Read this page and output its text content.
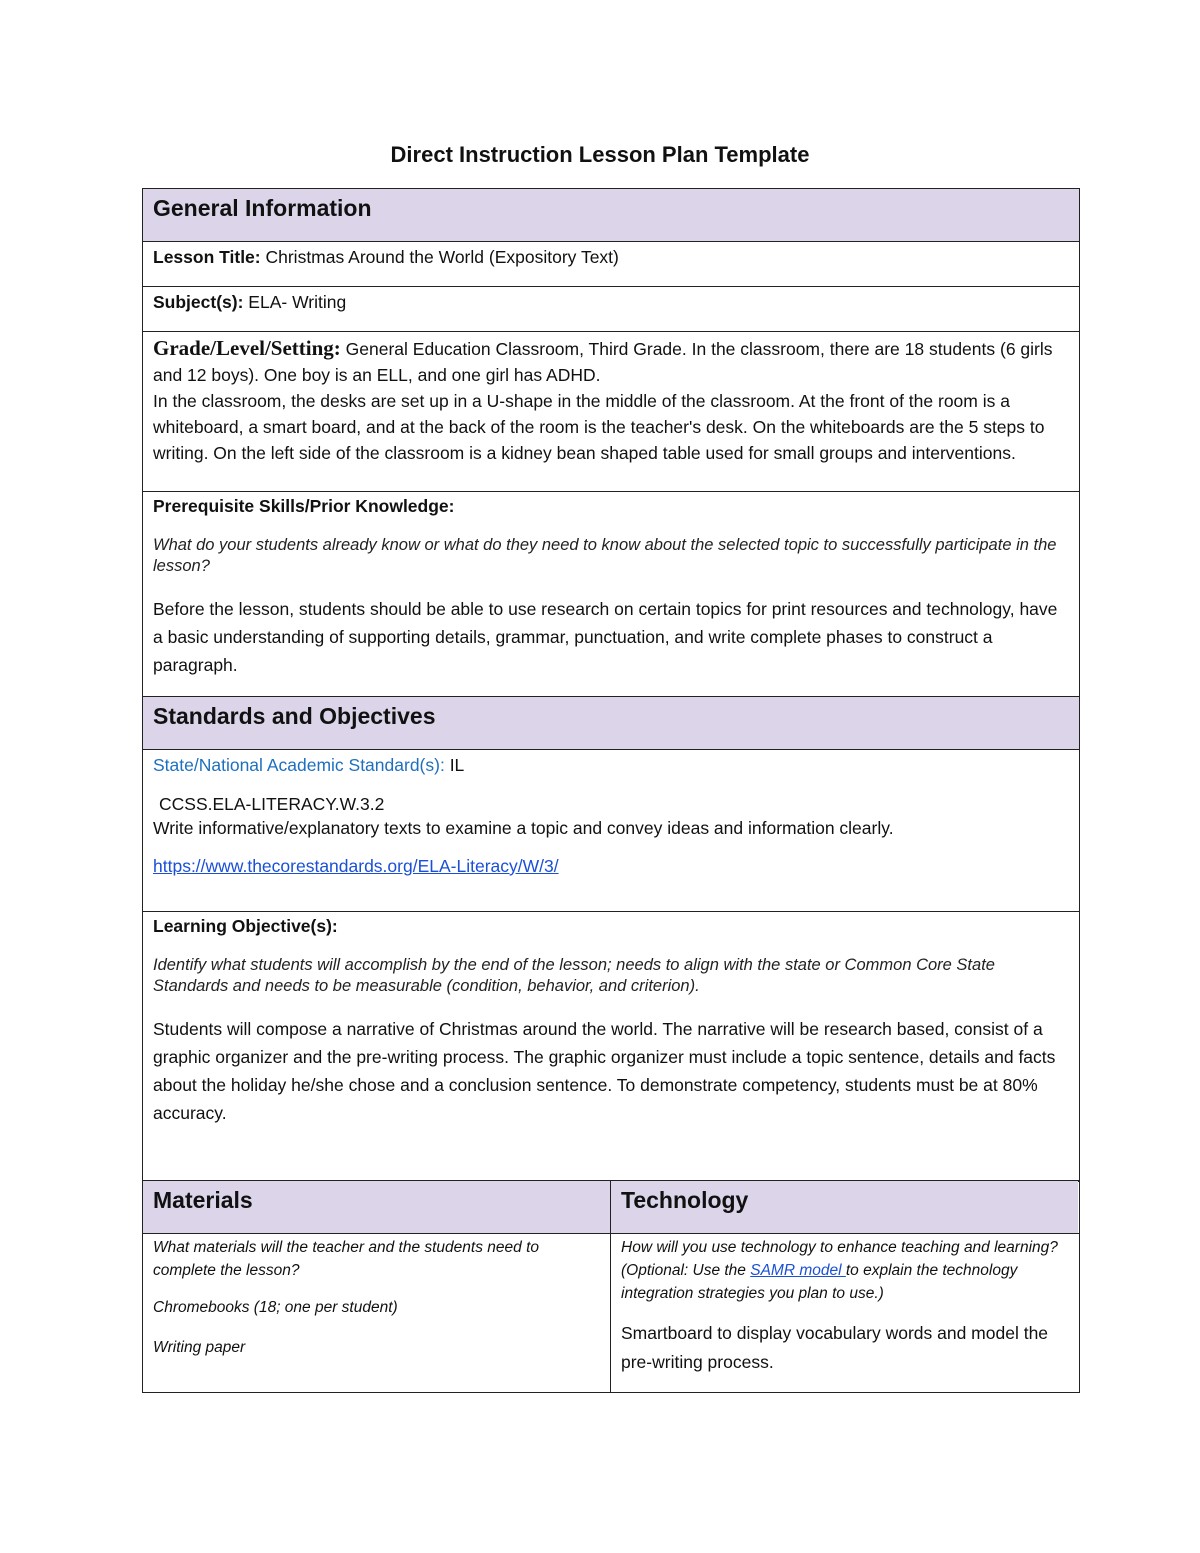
Direct Instruction Lesson Plan Template
General Information
Lesson Title: Christmas Around the World (Expository Text)
Subject(s): ELA- Writing
Grade/Level/Setting: General Education Classroom, Third Grade. In the classroom, there are 18 students (6 girls and 12 boys). One boy is an ELL, and one girl has ADHD.
In the classroom, the desks are set up in a U-shape in the middle of the classroom. At the front of the room is a whiteboard, a smart board, and at the back of the room is the teacher's desk. On the whiteboards are the 5 steps to writing. On the left side of the classroom is a kidney bean shaped table used for small groups and interventions.
Prerequisite Skills/Prior Knowledge:
What do your students already know or what do they need to know about the selected topic to successfully participate in the lesson?
Before the lesson, students should be able to use research on certain topics for print resources and technology, have a basic understanding of supporting details, grammar, punctuation, and write complete phases to construct a paragraph.
Standards and Objectives
State/National Academic Standard(s): IL
CCSS.ELA-LITERACY.W.3.2
Write informative/explanatory texts to examine a topic and convey ideas and information clearly.
https://www.thecorestandards.org/ELA-Literacy/W/3/
Learning Objective(s):
Identify what students will accomplish by the end of the lesson; needs to align with the state or Common Core State Standards and needs to be measurable (condition, behavior, and criterion).
Students will compose a narrative of Christmas around the world. The narrative will be research based, consist of a graphic organizer and the pre-writing process. The graphic organizer must include a topic sentence, details and facts about the holiday he/she chose and a conclusion sentence. To demonstrate competency, students must be at 80% accuracy.
Materials	Technology
What materials will the teacher and the students need to complete the lesson?
Chromebooks (18; one per student)
Writing paper
How will you use technology to enhance teaching and learning? (Optional: Use the SAMR model to explain the technology integration strategies you plan to use.)
Smartboard to display vocabulary words and model the pre-writing process.
